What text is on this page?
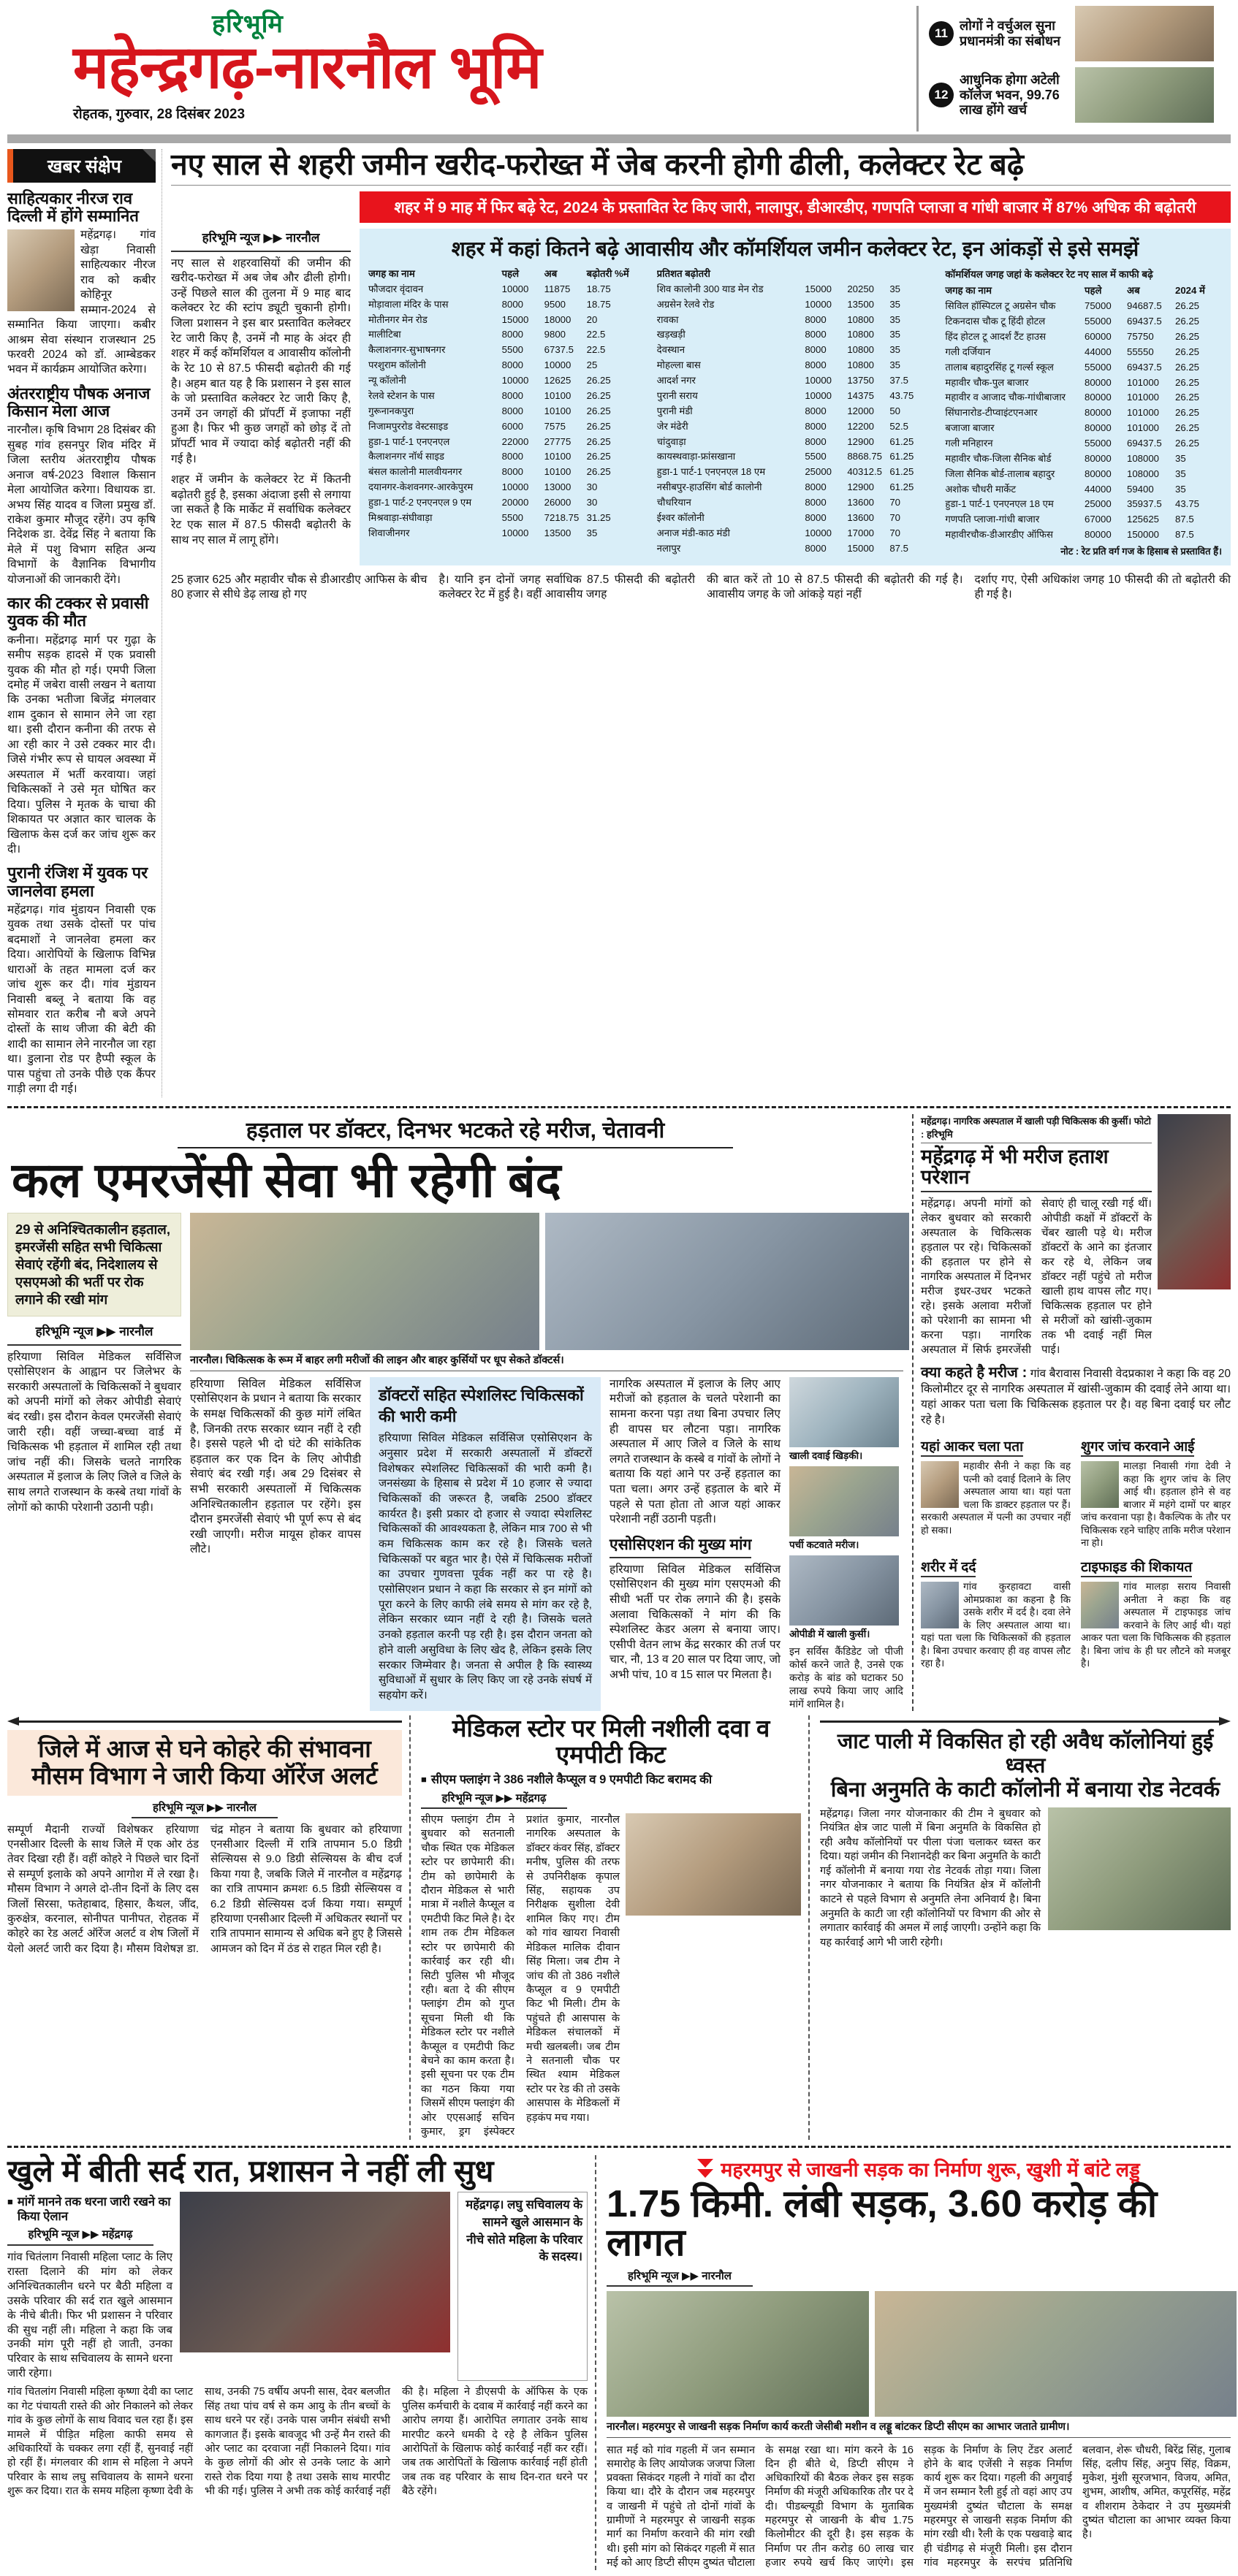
हरिभूमि
महेन्द्रगढ़-नारनौल भूमि
रोहतक, गुरुवार, 28 दिसंबर 2023
11
लोगों ने वर्चुअल सुना प्रधानमंत्री का संबोधन
12
आधुनिक होगा अटेली कॉलेज भवन, 99.76 लाख होंगे खर्च
खबर संक्षेप
साहित्यकार नीरज राव दिल्ली में होंगे सम्मानित
महेंद्रगढ़। गांव खेड़ा निवासी साहित्यकार नीरज राव को कबीर कोहिनूर सम्मान-2024 से सम्मानित किया जाएगा। कबीर आश्रम सेवा संस्थान राजस्थान 25 फरवरी 2024 को डॉ. आम्बेडकर भवन में कार्यक्रम आयोजित करेगा।
अंतरराष्ट्रीय पौषक अनाज किसान मेला आज
नारनौल। कृषि विभाग 28 दिसंबर की सुबह गांव हसनपुर शिव मंदिर में जिला स्तरीय अंतरराष्ट्रीय पौषक अनाज वर्ष-2023 विशाल किसान मेला आयोजित करेगा। विधायक डा. अभय सिंह यादव व जिला प्रमुख डॉ. राकेश कुमार मौजूद रहेंगे। उप कृषि निदेशक डा. देवेंद्र सिंह ने बताया कि मेले में पशु विभाग सहित अन्य विभागों के वैज्ञानिक विभागीय योजनाओं की जानकारी देंगे।
कार की टक्कर से प्रवासी युवक की मौत
कनीना। महेंद्रगढ़ मार्ग पर गुढ़ा के समीप सड़क हादसे में एक प्रवासी युवक की मौत हो गई। एमपी जिला दमोह में जबेरा वासी लखन ने बताया कि उनका भतीजा बिजेंद्र मंगलवार शाम दुकान से सामान लेने जा रहा था। इसी दौरान कनीना की तरफ से आ रही कार ने उसे टक्कर मार दी। जिसे गंभीर रूप से घायल अवस्था में अस्पताल में भर्ती करवाया। जहां चिकित्सकों ने उसे मृत घोषित कर दिया। पुलिस ने मृतक के चाचा की शिकायत पर अज्ञात कार चालक के खिलाफ केस दर्ज कर जांच शुरू कर दी।
पुरानी रंजिश में युवक पर जानलेवा हमला
महेंद्रगढ़। गांव मुंडायन निवासी एक युवक तथा उसके दोस्तों पर पांच बदमाशों ने जानलेवा हमला कर दिया। आरोपियों के खिलाफ विभिन्न धाराओं के तहत मामला दर्ज कर जांच शुरू कर दी। गांव मुंडायन निवासी बब्लू ने बताया कि वह सोमवार रात करीब नौ बजे अपने दोस्तों के साथ जीजा की बेटी की शादी का सामान लेने नारनौल जा रहा था। डुलाना रोड पर हैप्पी स्कूल के पास पहुंचा तो उनके पीछे एक कैंपर गाड़ी लगा दी गई।
नए साल से शहरी जमीन खरीद-फरोख्त में जेब करनी होगी ढीली, कलेक्टर रेट बढ़े
शहर में 9 माह में फिर बढ़े रेट, 2024 के प्रस्तावित रेट किए जारी, नालापुर, डीआरडीए, गणपति प्लाजा व गांधी बाजार में 87% अधिक की बढ़ोतरी
हरिभूमि न्यूज ▶▶ नारनौल

नए साल से शहरवासियों की जमीन की खरीद-फरोख्त में अब जेब और ढीली होगी। उन्हें पिछले साल की तुलना में 9 माह बाद कलेक्टर रेट की स्टांप ड्यूटी चुकानी होगी। जिला प्रशासन ने इस बार प्रस्तावित कलेक्टर रेट जारी किए है, उनमें नौ माह के अंदर ही शहर में कई कॉमर्शियल व आवासीय कॉलोनी के रेट 10 से 87.5 फीसदी बढ़ोतरी की गई है। अहम बात यह है कि प्रशासन ने इस साल के जो प्रस्तावित कलेक्टर रेट जारी किए है, उनमें उन जगहों की प्रॉपर्टी में इजाफा नहीं हुआ है। फिर भी कुछ जगहों को छोड़ दें तो प्रॉपर्टी भाव में ज्यादा कोई बढ़ोतरी नहीं की गई है।

शहर में जमीन के कलेक्टर रेट में कितनी बढ़ोतरी हुई है, इसका अंदाजा इसी से लगाया जा सकते है कि मार्केट में सर्वाधिक कलेक्टर रेट एक साल में 87.5 फीसदी बढ़ोतरी के साथ नए साल में लागू होंगे।

शहर में कहां कितने बढ़े आवासीय और कॉमर्शियल जमीन कलेक्टर रेट, इन आंकड़ों से इसे समझें
जगह का नाम	पहले	अब	बढ़ोतरी %में
फौजदार वृंदावन	10000	11875	18.75
मोड़ावाला मंदिर के पास	8000	9500	18.75
मोतीनगर मेन रोड	15000	18000	20
मालीटिबा	8000	9800	22.5
कैलाशनगर-सुभाषनगर	5500	6737.5	22.5
परशुराम कॉलोनी	8000	10000	25
न्यू कॉलोनी	10000	12625	26.25
रेलवे स्टेशन के पास	8000	10100	26.25
गुरूनानकपुरा	8000	10100	26.25
निजामपुररोड वेस्टसाइड	6000	7575	26.25
हुडा-1 पार्ट-1 एनएनएल	22000	27775	26.25
कैलाशनगर नॉर्थ साइड	8000	10100	26.25
बंसल कालोनी मालवीयनगर	8000	10100	26.25
दयानगर-केशवनगर-आरकेपुरम	10000	13000	30
हुडा-1 पार्ट-2 एनएनएल 9 एम	20000	26000	30
मिश्रवाड़ा-संघीवाड़ा	5500	7218.75 31.25
शिवाजीनगर	10000	13500	35
प्रतिशत बढ़ोतरी
शिव कालोनी 300 याड मेन रोड	15000	20250	35
अग्रसेन रेलवे रोड	10000	13500	35
रावका	8000	10800	35
खड़खड़ी	8000	10800	35
देवस्थान	8000	10800	35
मोहल्ला बास	8000	10800	35
आदर्श नगर	10000	13750	37.5
पुरानी सराय	10000	14375	43.75
पुरानी मंडी	8000	12000	50
जेर मंढेरी	8000	12200	52.5
चांदुवाड़ा	8000	12900	61.25
कायस्थवाड़ा-फ्रांसखाना	5500	8868.75 61.25
हुडा-1 पार्ट-1 एनएनएल 18 एम	25000	40312.5 61.25
नसीबपुर-हाउसिंग बोर्ड कालोनी	8000	12900	61.25
चौधरियान	8000	13600	70
ईश्वर कॉलोनी	8000	13600	70
अनाज मंडी-काठ मंडी	10000	17000	70
नलापुर	8000	15000	87.5
कॉमर्शियल जगह जहां के कलेक्टर रेट नए साल में काफी बढ़े
जगह का नाम	पहले	अब	2024 में
सिविल हॉस्पिटल टू अग्रसेन चौक	75000	94687.5	26.25
टिकनदास चौक टू हिंदी होटल	55000	69437.5	26.25
हिंद होटल टू आदर्श टैंट हाउस	60000	75750	26.25
गली दर्जियान	44000	55550	26.25
तालाब बहादुरसिंह टू गर्ल्स स्कूल	55000	69437.5	26.25
महावीर चौक-पुल बाजार	80000	101000	26.25
महावीर व आजाद चौक-गांधीबाजार	80000	101000	26.25
सिंघानारोड-टीप्वाइंटएनआर	80000	101000	26.25
बजाजा बाजार	80000	101000	26.25
गली मनिहारन	55000	69437.5	26.25
महावीर चौक-जिला सैनिक बोर्ड	80000	108000	35
जिला सैनिक बोर्ड-तालाब बहादुर	80000	108000	35
अशोक चौधरी मार्केट	44000	59400	35
हुडा-1 पार्ट-1 एनएनएल 18 एम	25000	35937.5	43.75
गणपति प्लाजा-गांधी बाजार	67000	125625	87.5
महावीरचौक-डीआरडीए ऑफिस	80000	150000	87.5
नोट : रेट प्रति वर्ग गज के हिसाब से प्रस्तावित हैं।
25 हजार 625 और महावीर चौक से डीआरडीए आफिस के बीच 80 हजार से सीधे डेढ़ लाख हो गए
है। यानि इन दोनों जगह सर्वाधिक 87.5 फीसदी की बढ़ोतरी कलेक्टर रेट में हुई है। वहीं आवासीय जगह
की बात करें तो 10 से 87.5 फीसदी की बढ़ोतरी की गई है। आवासीय जगह के जो आंकड़े यहां नहीं
दर्शाए गए, ऐसी अधिकांश जगह 10 फीसदी की तो बढ़ोतरी की ही गई है।
हड़ताल पर डॉक्टर, दिनभर भटकते रहे मरीज, चेतावनी
कल एमरजेंसी सेवा भी रहेगी बंद
29 से अनिश्चितकालीन हड़ताल, इमरजेंसी सहित सभी चिकित्सा सेवाएं रहेंगी बंद, निदेशालय से एसएमओ की भर्ती पर रोक लगाने की रखी मांग
हरिभूमि न्यूज ▶▶ नारनौल

हरियाणा सिविल मेडिकल सर्विसिज एसोसिएशन के आह्वान पर जिलेभर के सरकारी अस्पतालों के चिकित्सकों ने बुधवार को अपनी मांगों को लेकर ओपीडी सेवाएं बंद रखी। इस दौरान केवल एमरजेंसी सेवाएं जारी रही। वहीं जच्चा-बच्चा वार्ड में चिकित्सक भी हड़ताल में शामिल रही तथा जांच नहीं की। जिसके चलते नागरिक अस्पताल में इलाज के लिए जिले व जिले के साथ लगते राजस्थान के कस्बे तथा गांवों के लोगों को काफी परेशानी उठानी पड़ी।

नारनौल। चिकित्सक के रूम में बाहर लगी मरीजों की लाइन और बाहर कुर्सियों पर धूप सेकते डॉक्टर्स।

हरियाणा सिविल मेडिकल सर्विसिज एसोसिएशन के प्रधान ने बताया कि सरकार के समक्ष चिकित्सकों की कुछ मांगें लंबित है, जिनकी तरफ सरकार ध्यान नहीं दे रही है। इससे पहले भी दो घंटे की सांकेतिक हड़ताल कर एक दिन के लिए ओपीडी सेवाएं बंद रखी गई। अब 29 दिसंबर से सभी सरकारी अस्पतालों में चिकित्सक अनिश्चितकालीन हड़ताल पर रहेंगे। इस दौरान इमरजेंसी सेवाएं भी पूर्ण रूप से बंद रखी जाएगी। मरीज मायूस होकर वापस लौटे।

डॉक्टरों सहित स्पेशलिस्ट चिकित्सकों की भारी कमी

हरियाणा सिविल मेडिकल सर्विसिज एसोसिएशन के अनुसार प्रदेश में सरकारी अस्पतालों में डॉक्टरों विशेषकर स्पेशलिस्ट चिकित्सकों की भारी कमी है। जनसंख्या के हिसाब से प्रदेश में 10 हजार से ज्यादा चिकित्सकों की जरूरत है, जबकि 2500 डॉक्टर कार्यरत है। इसी प्रकार दो हजार से ज्यादा स्पेशलिस्ट चिकित्सकों की आवश्यकता है, लेकिन मात्र 700 से भी कम चिकित्सक काम कर रहे है। जिसके चलते चिकित्सकों पर बहुत भार है। ऐसे में चिकित्सक मरीजों का उपचार गुणवत्ता पूर्वक नहीं कर पा रहे है। एसोसिएशन प्रधान ने कहा कि सरकार से इन मांगों को पूरा करने के लिए काफी लंबे समय से मांग कर रहे है, लेकिन सरकार ध्यान नहीं दे रही है। जिसके चलते उनको हड़ताल करनी पड़ रही है। इस दौरान जनता को होने वाली असुविधा के लिए खेद है, लेकिन इसके लिए सरकार जिम्मेवार है। जनता से अपील है कि स्वास्थ्य सुविधाओं में सुधार के लिए किए जा रहे उनके संघर्ष में सहयोग करें।

नागरिक अस्पताल में इलाज के लिए आए मरीजों को हड़ताल के चलते परेशानी का सामना करना पड़ा तथा बिना उपचार लिए ही वापस घर लौटना पड़ा। नागरिक अस्पताल में आए जिले व जिले के साथ लगते राजस्थान के कस्बे व गांवों के लोगों ने बताया कि यहां आने पर उन्हें हड़ताल का पता चला। अगर उन्हें हड़ताल के बारे में पहले से पता होता तो आज यहां आकर परेशानी नहीं उठानी पड़ती।

एसोसिएशन की मुख्य मांग

हरियाणा सिविल मेडिकल सर्विसिज एसोसिएशन की मुख्य मांग एसएमओ की सीधी भर्ती पर रोक लगाने की है। इसके अलावा चिकित्सकों ने मांग की कि स्पेशलिस्ट केडर अलग से बनाया जाए। एसीपी वेतन लाभ केंद्र सरकार की तर्ज पर चार, नौ, 13 व 20 साल पर दिया जाए, जो अभी पांच, 10 व 15 साल पर मिलता है।

खाली दवाई खिड़की।
पर्ची कटवाते मरीज।
ओपीडी में खाली कुर्सी।

इन सर्विस कैंडिडेट जो पीजी कोर्स करने जाते है, उनसे एक करोड़ के बांड को घटाकर 50 लाख रुपये किया जाए आदि मांगें शामिल है।

महेंद्रगढ़। नागरिक अस्पताल में खाली पड़ी चिकित्सक की कुर्सी। फोटो : हरिभूमि
महेंद्रगढ़ में भी मरीज हताश परेशान
महेंद्रगढ़। अपनी मांगों को लेकर बुधवार को सरकारी अस्पताल के चिकित्सक हड़ताल पर रहे। चिकित्सकों की हड़ताल पर होने से नागरिक अस्पताल में दिनभर मरीज इधर-उधर भटकते रहे। इसके अलावा मरीजों को परेशानी का सामना भी करना पड़ा। नागरिक अस्पताल में सिर्फ इमरजेंसी सेवाएं ही चालू रखी गई थीं। ओपीडी कक्षों में डॉक्टरों के चेंबर खाली पड़े थे। मरीज डॉक्टरों के आने का इंतजार कर रहे थे, लेकिन जब डॉक्टर नहीं पहुंचे तो मरीज खाली हाथ वापस लौट गए। चिकित्सक हड़ताल पर होने से मरीजों को खांसी-जुकाम तक भी दवाई नहीं मिल पाई।
क्या कहते है मरीज : गांव बैरावास निवासी वेदप्रकाश ने कहा कि वह 20 किलोमीटर दूर से नागरिक अस्पताल में खांसी-जुकाम की दवाई लेने आया था। यहां आकर पता चला कि चिकित्सक हड़ताल पर है। वह बिना दवाई घर लौट रहे है।
यहां आकर चला पता

महावीर सैनी ने कहा कि वह पत्नी को दवाई दिलाने के लिए अस्पताल आया था। यहां पता चला कि डाक्टर हड़ताल पर हैं। सरकारी अस्पताल में पत्नी का उपचार नहीं हो सका।

शुगर जांच करवाने आई

मालड़ा निवासी गंगा देवी ने कहा कि शुगर जांच के लिए आई थी। हड़ताल होने से वह बाजार में महंगे दामों पर बाहर जांच करवाना पड़ा है। वैकल्पिक के तौर पर चिकित्सक रहने चाहिए ताकि मरीज परेशान ना हो।

शरीर में दर्द

गांव कुरहावटा वासी ओमप्रकाश का कहना है कि उसके शरीर में दर्द है। दवा लेने के लिए अस्पताल आया था। यहां पता चला कि चिकित्सकों की हड़ताल है। बिना उपचार करवाए ही वह वापस लौट रहा है।

टाइफाइड की शिकायत

गांव मालड़ा सराय निवासी अनीता ने कहा कि वह अस्पताल में टाइफाइड जांच करवाने के लिए आई थी। यहां आकर पता चला कि चिकित्सक की हड़ताल है। बिना जांच के ही घर लौटने को मजबूर है।

जिले में आज से घने कोहरे की संभावना
मौसम विभाग ने जारी किया ऑरेंज अलर्ट
हरिभूमि न्यूज ▶▶ नारनौल
सम्पूर्ण मैदानी राज्यों विशेषकर हरियाणा एनसीआर दिल्ली के साथ जिले में एक ओर ठंड तेवर दिखा रही हैं। वहीं कोहरे ने पिछले चार दिनों से सम्पूर्ण इलाके को अपने आगोश में ले रखा है। मौसम विभाग ने अगले दो-तीन दिनों के लिए दस जिलों सिरसा, फतेहाबाद, हिसार, कैथल, जींद, कुरुक्षेत्र, करनाल, सोनीपत पानीपत, रोहतक में कोहरे का रेड अलर्ट ऑरेंज अलर्ट व शेष जिलों में येलो अलर्ट जारी कर दिया है। मौसम विशेषज्ञ डा. चंद्र मोहन ने बताया कि बुधवार को हरियाणा एनसीआर दिल्ली में रात्रि तापमान 5.0 डिग्री सेल्सियस से 9.0 डिग्री सेल्सियस के बीच दर्ज किया गया है, जबकि जिले में नारनौल व महेंद्रगढ़ का रात्रि तापमान क्रमशः 6.5 डिग्री सेल्सियस व 6.2 डिग्री सेल्सियस दर्ज किया गया। सम्पूर्ण हरियाणा एनसीआर दिल्ली में अधिकतर स्थानों पर रात्रि तापमान सामान्य से अधिक बने हुए है जिससे आमजन को दिन में ठंड से राहत मिल रही है।
मेडिकल स्टोर पर मिली नशीली दवा व एमपीटी किट
■ सीएम फ्लाइंग ने 386 नशीले कैप्सूल व 9 एमपीटी किट बरामद की
हरिभूमि न्यूज ▶▶ महेंद्रगढ़
सीएम फ्लाइंग टीम ने बुधवार को सतनाली चौक स्थित एक मेडिकल स्टोर पर छापेमारी की। टीम को छापेमारी के दौरान मेडिकल से भारी मात्रा में नशीले कैप्सूल व एमटीपी किट मिले है। देर शाम तक टीम मेडिकल स्टोर पर छापेमारी की कार्रवाई कर रही थी। सिटी पुलिस भी मौजूद रही। बता दे की सीएम फ्लाइंग टीम को गुप्त सूचना मिली थी कि मेडिकल स्टोर पर नशीले कैप्सूल व एमटीपी किट बेचने का काम करता है। इसी सूचना पर एक टीम का गठन किया गया जिसमें सीएम फ्लाइंग की ओर एएसआई सचिन कुमार, ड्रग इंस्पेक्टर प्रशांत कुमार, नारनौल नागरिक अस्पताल के डॉक्टर कंवर सिंह, डॉक्टर मनीष, पुलिस की तरफ से उपनिरीक्षक कृपाल सिंह, सहायक उप निरीक्षक सुशीला देवी शामिल किए गए। टीम को गांव खायरा निवासी मेडिकल मालिक दीवान सिंह मिला। जब टीम ने जांच की तो 386 नशीले कैप्सूल व 9 एमपीटी किट भी मिली। टीम के पहुंचते ही आसपास के मेडिकल संचालकों में मची खलबली। जब टीम ने सतनाली चौक पर स्थित श्याम मेडिकल स्टोर पर रेड की तो उसके आसपास के मेडिकलों में हड़कंप मच गया।
जाट पाली में विकसित हो रही अवैध कॉलोनियां हुई ध्वस्त
बिना अनुमति के काटी कॉलोनी में बनाया रोड नेटवर्क
महेंद्रगढ़। जिला नगर योजनाकार की टीम ने बुधवार को नियंत्रित क्षेत्र जाट पाली में बिना अनुमति के विकसित हो रही अवैध कॉलोनियों पर पीला पंजा चलाकर ध्वस्त कर दिया। यहां जमीन की निशानदेही कर बिना अनुमति के काटी गई कॉलोनी में बनाया गया रोड नेटवर्क तोड़ा गया। जिला नगर योजनाकार ने बताया कि नियंत्रित क्षेत्र में कॉलोनी काटने से पहले विभाग से अनुमति लेना अनिवार्य है। बिना अनुमति के काटी जा रही कॉलोनियों पर विभाग की ओर से लगातार कार्रवाई की अमल में लाई जाएगी। उन्होंने कहा कि यह कार्रवाई आगे भी जारी रहेगी।
खुले में बीती सर्द रात, प्रशासन ने नहीं ली सुध
■ मांगें मानने तक धरना जारी रखने का किया ऐलान
हरिभूमि न्यूज ▶▶ महेंद्रगढ़

गांव चितंलाग निवासी महिला प्लाट के लिए रास्ता दिलाने की मांग को लेकर अनिश्चितकालीन धरने पर बैठी महिला व उसके परिवार की सर्द रात खुले आसमान के नीचे बीती। फिर भी प्रशासन ने परिवार की सुध नहीं ली। महिला ने कहा कि जब उनकी मांग पूरी नहीं हो जाती, उनका परिवार के साथ सचिवालय के सामने धरना जारी रहेगा।

महेंद्रगढ़। लघु सचिवालय के सामने खुले आसमान के नीचे सोते महिला के परिवार के सदस्य।
गांव चितलांग निवासी महिला कृष्णा देवी का प्लाट का गेट पंचायती रास्ते की ओर निकालने को लेकर गांव के कुछ लोगों के साथ विवाद चल रहा हैं। इस मामले में पीड़ित महिला काफी समय से अधिकारियों के चक्कर लगा रहीं हैं, सुनवाई नहीं हो रहीं हैं। मंगलवार की शाम से महिला ने अपने परिवार के साथ लघु सचिवालय के सामने धरना शुरू कर दिया। रात के समय महिला कृष्णा देवी के साथ, उनकी 75 वर्षीय अपनी सास, देवर बलजीत सिंह तथा पांच वर्ष से कम आयु के तीन बच्चों के साथ धरने पर रहें। उनके पास जमीन संबंधी सभी कागजात हैं। इसके बावजूद भी उन्हें मैन रास्ते की ओर प्लाट का दरवाजा नहीं निकालने दिया। गांव के कुछ लोगों की ओर से उनके प्लाट के आगे रास्ते रोक दिया गया है तथा उसके साथ मारपीट भी की गई। पुलिस ने अभी तक कोई कार्रवाई नहीं की है। महिला ने डीएसपी के ऑफिस के एक पुलिस कर्मचारी के दवाब में कार्रवाई नहीं करने का आरोप लगया हैं। आरोपित लगातार उनके साथ मारपीट करने धमकी दे रहे है लेकिन पुलिस आरोपितों के खिलाफ कोई कार्रवाई नहीं कर रहीं। जब तक आरोपितों के खिलाफ कार्रवाई नहीं होती जब तक वह परिवार के साथ दिन-रात धरने पर बैठे रहेंगे।
महरमपुर से जाखनी सड़क का निर्माण शुरू, खुशी में बांटे लड्डू
1.75 किमी. लंबी सड़क, 3.60 करोड़ की लागत
हरिभूमि न्यूज ▶▶ नारनौल
नारनौल। महरमपुर से जाखनी सड़क निर्माण कार्य करती जेसीबी मशीन व लड्डू बांटकर डिप्टी सीएम का आभार जताते ग्रामीण।
सात मई को गांव गहली में जन सम्मान समारोह के लिए आयोजक जजपा जिला प्रवक्ता सिकंदर गहली ने गांवों का दौरा किया था। दौरे के दौरान जब महरमपुर व जाखनी में पहुंचे तो दोनों गांवों के ग्रामीणों ने महरमपुर से जाखनी सड़क मार्ग का निर्माण करवाने की मांग रखी थी। इसी मांग को सिकंदर गहली में सात मई को आए डिप्टी सीएम दुष्यंत चौटाला के समक्ष रखा था। मांग करने के 16 दिन ही बीते थे, डिप्टी सीएम ने अधिकारियों की बैठक लेकर इस सड़क निर्माण की मंजूरी अधिकारिक तौर पर दे दी। पीडब्ल्यूडी विभाग के मुताबिक महरमपुर से जाखनी के बीच 1.75 किलोमीटर की दूरी है। इस सड़क के निर्माण पर तीन करोड़ 60 लाख चार हजार रुपये खर्च किए जाएंगे। इस सड़क के निर्माण के लिए टेंडर अलार्ट होने के बाद एजेंसी ने सड़क निर्माण कार्य शुरू कर दिया। गहली की अगुवाई में जन सम्मान रैली हुई तो वहां आए उप मुख्यमंत्री दुष्यंत चौटाला के समक्ष महरमपुर से जाखनी सड़क निर्माण की मांग रखी थी। रैली के एक पखवाड़े बाद ही चंडीगढ़ से मंजूरी मिली। इस दौरान गांव महरमपुर के सरपंच प्रतिनिधि बलवान, शेरू चौधरी, बिरेंद्र सिंह, गुलाब सिंह, दलीप सिंह, अनुप सिंह, विक्रम, मुकेश, मुंशी सूरजभान, विजय, अमित, शुभम, आशीष, अमित, कपूरसिंह, महेंद्र व शीशराम ठेकेदार ने उप मुख्यमंत्री दुष्यंत चौटाला का आभार व्यक्त किया है।
